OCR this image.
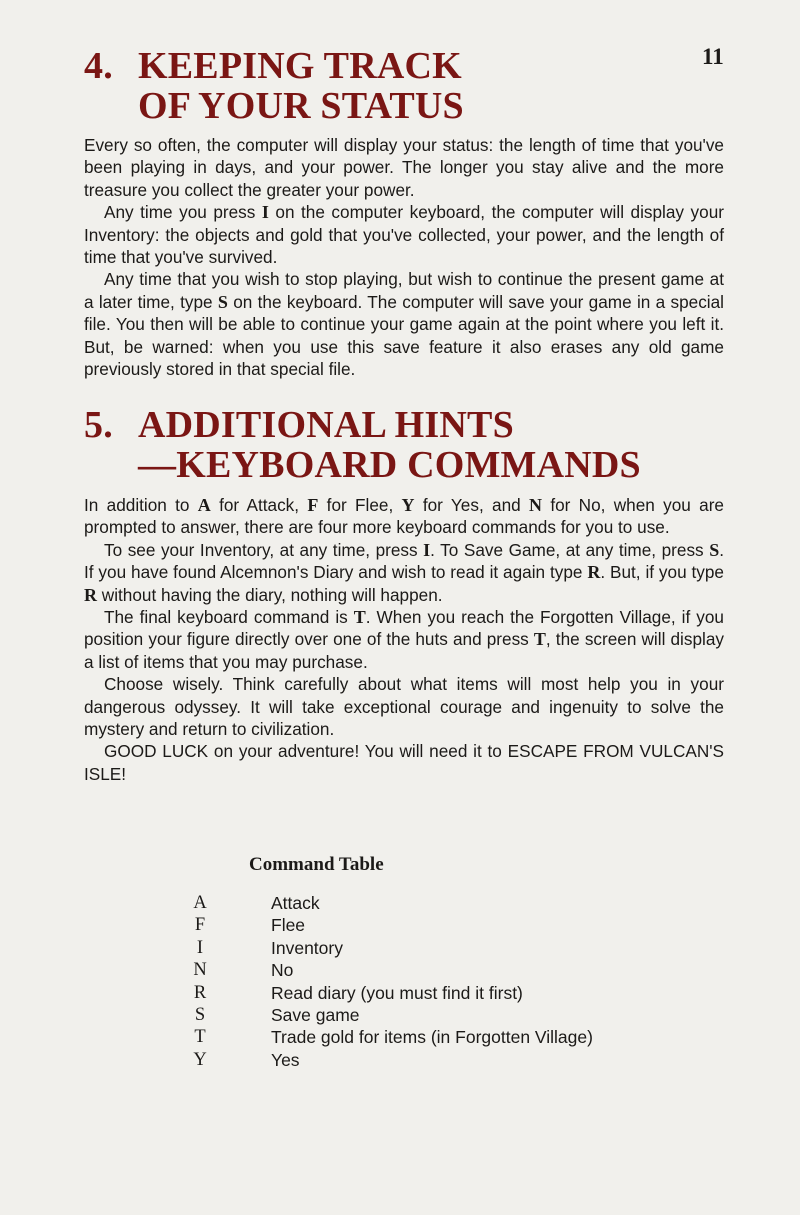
11
4. KEEPING TRACK
OF YOUR STATUS

Every so often, the computer will display your status: the length of time that you've been playing in days, and your power. The longer you stay alive and the more treasure you collect the greater your power.

Any time you press I on the computer keyboard, the computer will display your Inventory: the objects and gold that you've collected, your power, and the length of time that you've survived.

Any time that you wish to stop playing, but wish to continue the present game at a later time, type S on the keyboard. The computer will save your game in a special file. You then will be able to continue your game again at the point where you left it. But, be warned: when you use this save feature it also erases any old game previously stored in that special file.

5. ADDITIONAL HINTS
—KEYBOARD COMMANDS

In addition to A for Attack, F for Flee, Y for Yes, and N for No, when you are prompted to answer, there are four more keyboard commands for you to use.

To see your Inventory, at any time, press I. To Save Game, at any time, press S. If you have found Alcemnon's Diary and wish to read it again type R. But, if you type R without having the diary, nothing will happen.

The final keyboard command is T. When you reach the Forgotten Village, if you position your figure directly over one of the huts and press T, the screen will display a list of items that you may purchase.

Choose wisely. Think carefully about what items will most help you in your dangerous odyssey. It will take exceptional courage and ingenuity to solve the mystery and return to civilization.

GOOD LUCK on your adventure! You will need it to ESCAPE FROM VULCAN'S ISLE!

Command Table
A	Attack
F	Flee
I	Inventory
N	No
R	Read diary (you must find it first)
S	Save game
T	Trade gold for items (in Forgotten Village)
Y	Yes
